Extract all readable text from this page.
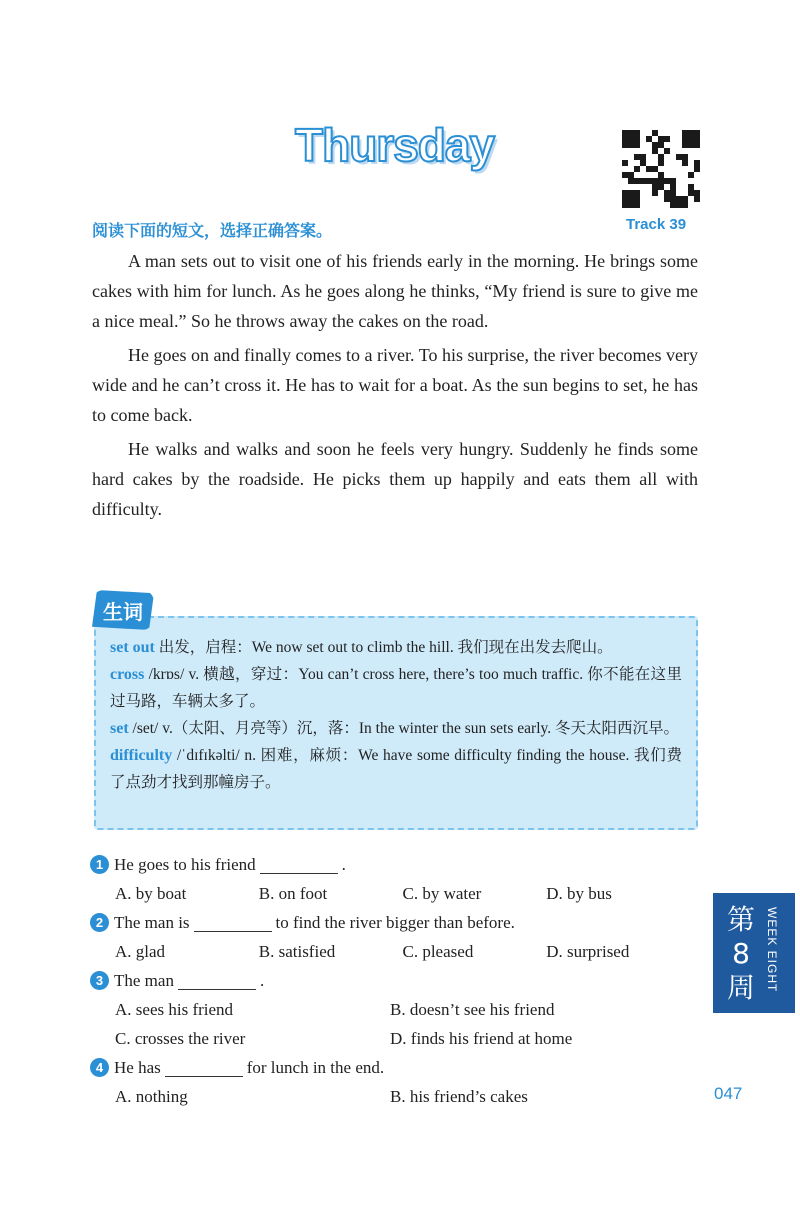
Thursday
Track 39
阅读下面的短文，选择正确答案。

A man sets out to visit one of his friends early in the morning. He brings some cakes with him for lunch. As he goes along he thinks, “My friend is sure to give me a nice meal.” So he throws away the cakes on the road.

He goes on and finally comes to a river. To his surprise, the river becomes very wide and he can’t cross it. He has to wait for a boat. As the sun begins to set, he has to come back.

He walks and walks and soon he feels very hungry. Suddenly he finds some hard cakes by the roadside. He picks them up happily and eats them all with difficulty.

set out 出发，启程：We now set out to climb the hill. 我们现在出发去爬山。
cross /krɒs/ v. 横越，穿过：You can’t cross here, there’s too much traffic. 你不能在这里过马路，车辆太多了。
set /set/ v.（太阳、月亮等）沉，落：In the winter the sun sets early. 冬天太阳西沉早。
difficulty /ˈdɪfɪkəlti/ n. 困难，麻烦：We have some difficulty finding the house. 我们费了点劲才找到那幢房子。
生词
1 He goes to his friend	.
A. by boat	B. on foot	C. by water	D. by bus
2 The man is	to find the river bigger than before.
A. glad	B. satisfied	C. pleased	D. surprised
3 The man	.
A. sees his friend	B. doesn’t see his friend
C. crosses the river	D. finds his friend at home
4 He has	for lunch in the end.
A. nothing	B. his friend’s cakes
第8周 WEEK EIGHT
047
